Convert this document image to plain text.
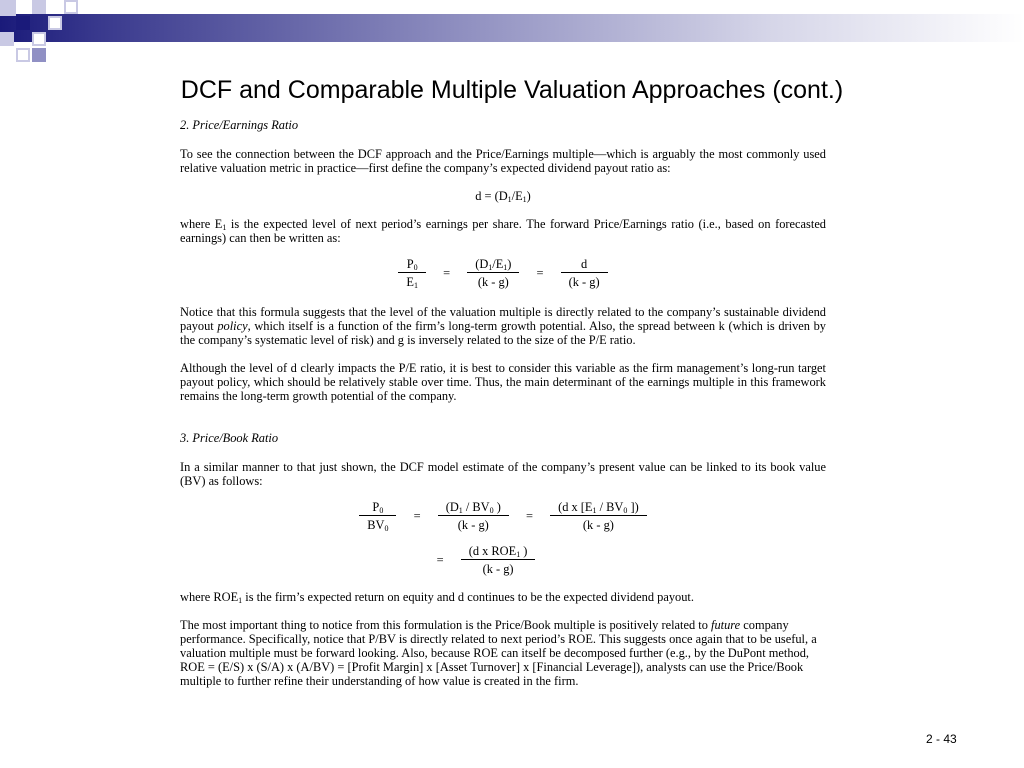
DCF and Comparable Multiple Valuation Approaches (cont.)

2. Price/Earnings Ratio

To see the connection between the DCF approach and the Price/Earnings multiple—which is arguably the most commonly used relative valuation metric in practice—first define the company’s expected dividend payout ratio as:

$d = (D_1/E_1)$

where $E_1$ is the expected level of next period’s earnings per share. The forward Price/Earnings ratio (i.e., based on forecasted earnings) can then be written as:

$\frac{P_0}{E_1} = \frac{(D_1/E_1)}{(k - g)} = \frac{d}{(k - g)}$

Notice that this formula suggests that the level of the valuation multiple is directly related to the company’s sustainable dividend payout policy, which itself is a function of the firm’s long-term growth potential. Also, the spread between k (which is driven by the company’s systematic level of risk) and g is inversely related to the size of the P/E ratio.

Although the level of d clearly impacts the P/E ratio, it is best to consider this variable as the firm management’s long-run target payout policy, which should be relatively stable over time. Thus, the main determinant of the earnings multiple in this framework remains the long-term growth potential of the company.

3. Price/Book Ratio

In a similar manner to that just shown, the DCF model estimate of the company’s present value can be linked to its book value (BV) as follows:

$\frac{P_0}{BV_0} = \frac{(D_1 / BV_0 )}{(k - g)} = \frac{(d x [E_1 / BV_0 ])}{(k - g)}$
= $\frac{(d x ROE_1 )}{(k - g)}$

where $ROE_1$ is the firm’s expected return on equity and d continues to be the expected dividend payout.

The most important thing to notice from this formulation is the Price/Book multiple is positively related to future company performance. Specifically, notice that P/BV is directly related to next period’s ROE. This suggests once again that to be useful, a valuation multiple must be forward looking. Also, because ROE can itself be decomposed further (e.g., by the DuPont method, ROE = (E/S) x (S/A) x (A/BV) = [Profit Margin] x [Asset Turnover] x [Financial Leverage]), analysts can use the Price/Book multiple to further refine their understanding of how value is created in the firm.

2 - 43
